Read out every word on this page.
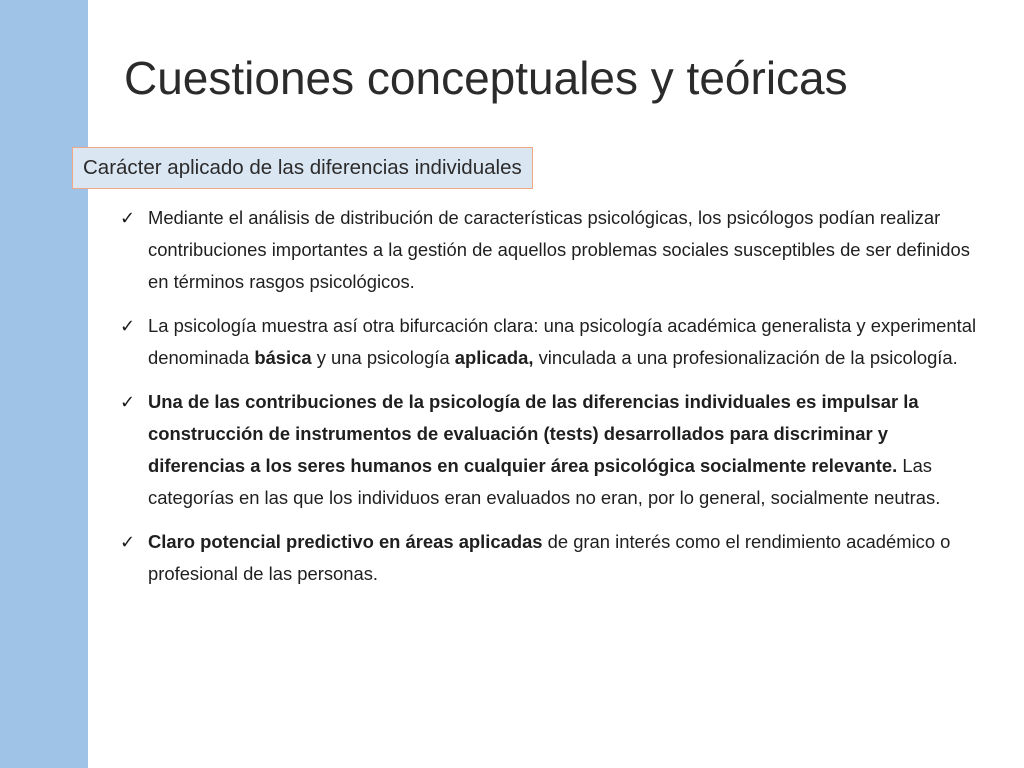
Cuestiones conceptuales y teóricas
Carácter aplicado de las diferencias individuales
✓ Mediante el análisis de distribución de características psicológicas, los psicólogos podían realizar contribuciones importantes a la gestión de aquellos problemas sociales susceptibles de ser definidos en términos rasgos psicológicos.
✓ La psicología muestra así otra bifurcación clara: una psicología académica generalista y experimental denominada básica y una psicología aplicada, vinculada a una profesionalización de la psicología.
✓ Una de las contribuciones de la psicología de las diferencias individuales es impulsar la construcción de instrumentos de evaluación (tests) desarrollados para discriminar y diferencias a los seres humanos en cualquier área psicológica socialmente relevante. Las categorías en las que los individuos eran evaluados no eran, por lo general, socialmente neutras.
✓ Claro potencial predictivo en áreas aplicadas de gran interés como el rendimiento académico o profesional de las personas.
